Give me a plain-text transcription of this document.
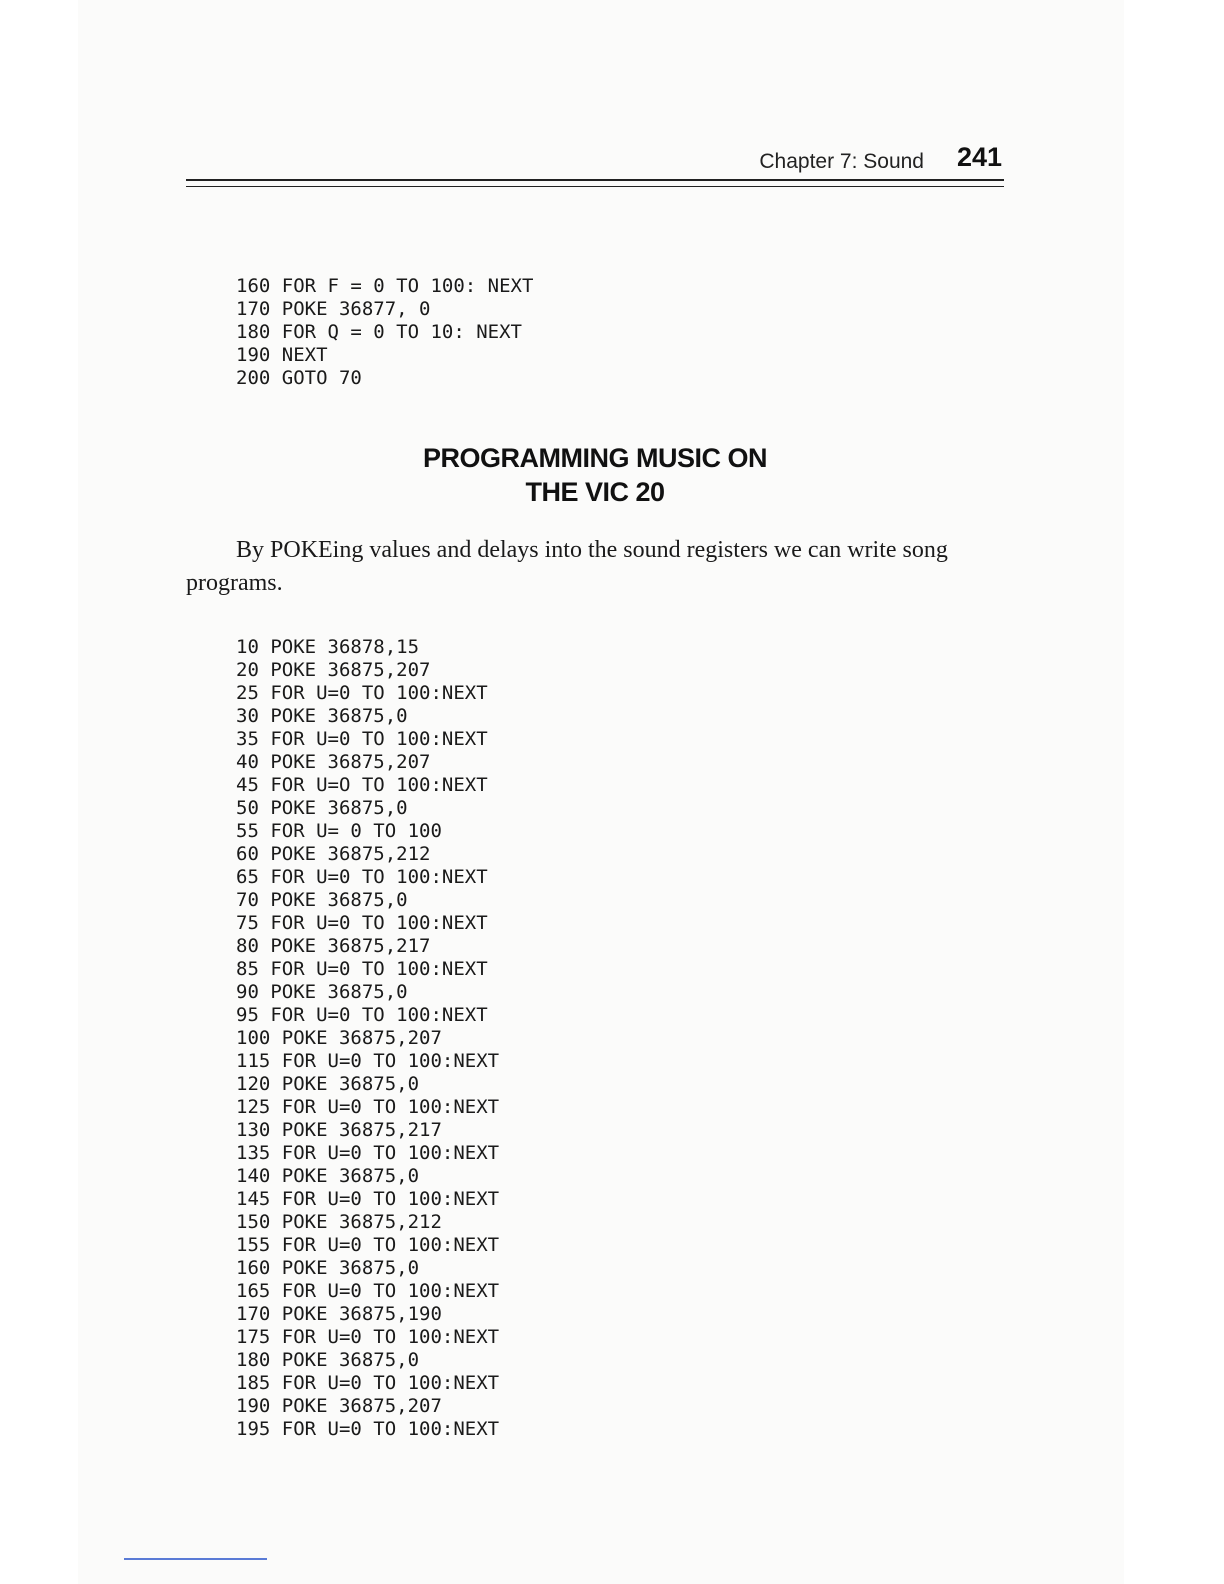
Chapter 7: Sound 241
160 FOR F = 0 TO 100: NEXT
170 POKE 36877, 0
180 FOR Q = 0 TO 10: NEXT
190 NEXT
200 GOTO 70
PROGRAMMING MUSIC ON
THE VIC 20

By POKEing values and delays into the sound registers we can write song programs.

10 POKE 36878,15
20 POKE 36875,207
25 FOR U=0 TO 100:NEXT
30 POKE 36875,0
35 FOR U=0 TO 100:NEXT
40 POKE 36875,207
45 FOR U=O TO 100:NEXT
50 POKE 36875,0
55 FOR U= 0 TO 100
60 POKE 36875,212
65 FOR U=0 TO 100:NEXT
70 POKE 36875,0
75 FOR U=0 TO 100:NEXT
80 POKE 36875,217
85 FOR U=0 TO 100:NEXT
90 POKE 36875,0
95 FOR U=0 TO 100:NEXT
100 POKE 36875,207
115 FOR U=0 TO 100:NEXT
120 POKE 36875,0
125 FOR U=0 TO 100:NEXT
130 POKE 36875,217
135 FOR U=0 TO 100:NEXT
140 POKE 36875,0
145 FOR U=0 TO 100:NEXT
150 POKE 36875,212
155 FOR U=0 TO 100:NEXT
160 POKE 36875,0
165 FOR U=0 TO 100:NEXT
170 POKE 36875,190
175 FOR U=0 TO 100:NEXT
180 POKE 36875,0
185 FOR U=0 TO 100:NEXT
190 POKE 36875,207
195 FOR U=0 TO 100:NEXT
